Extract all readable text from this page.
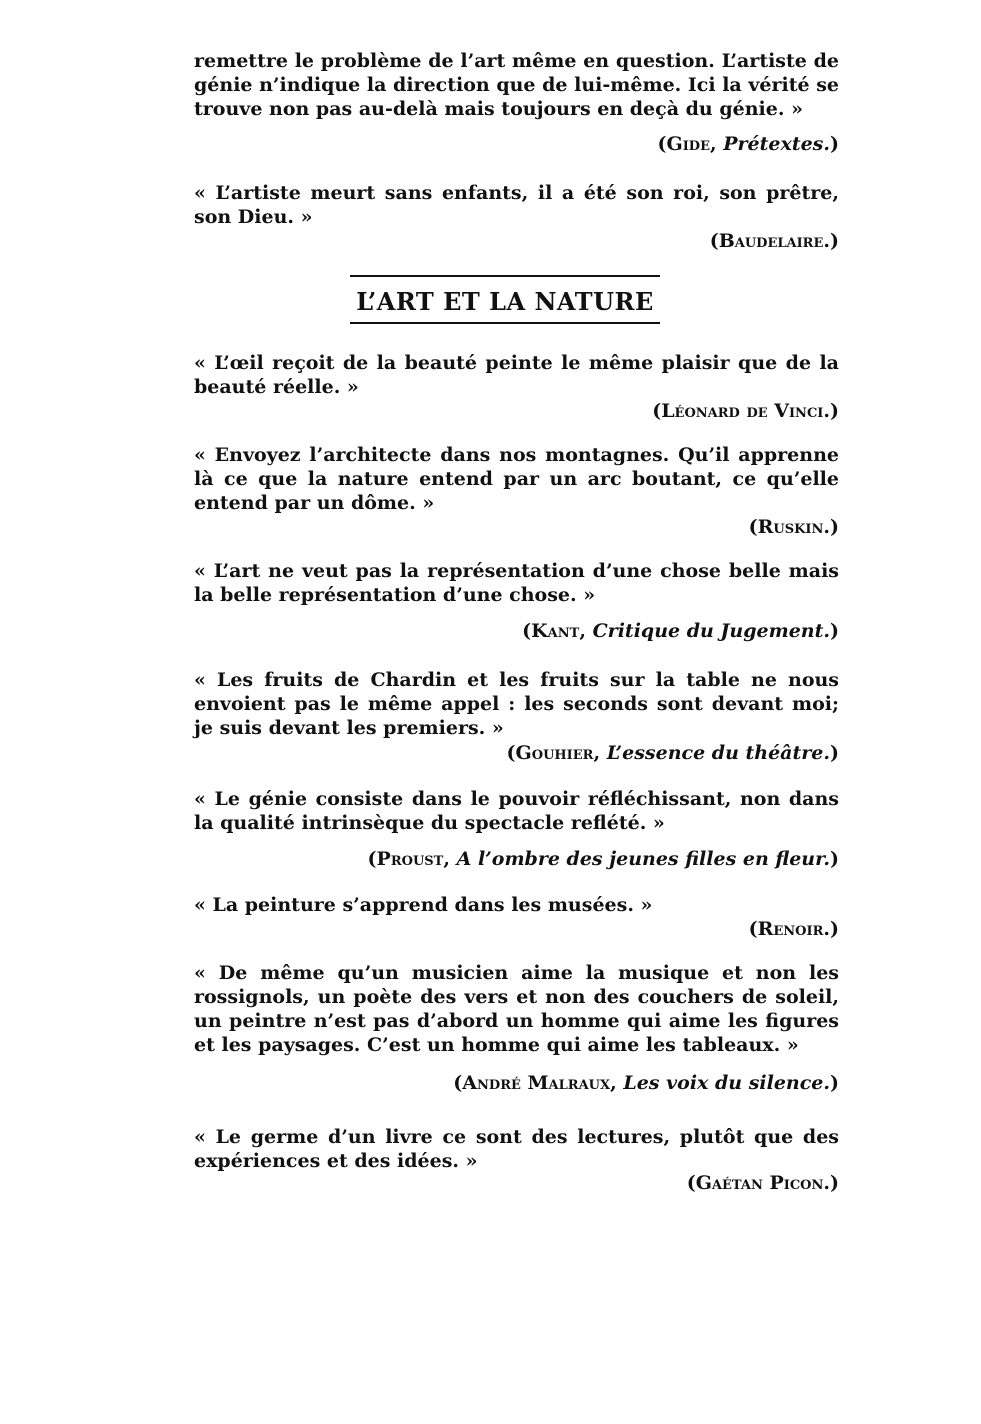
remettre le problème de l’art même en question. L’artiste de génie n’indique la direction que de lui-même. Ici la vérité se trouve non pas au-delà mais toujours en deçà du génie. »

(Gide, Prétextes.)

« L’artiste meurt sans enfants, il a été son roi, son prêtre, son Dieu. »

(Baudelaire.)

L’ART ET LA NATURE

« L’œil reçoit de la beauté peinte le même plaisir que de la beauté réelle. »

(Léonard de Vinci.)

« Envoyez l’architecte dans nos montagnes. Qu’il apprenne là ce que la nature entend par un arc boutant, ce qu’elle entend par un dôme. »

(Ruskin.)

« L’art ne veut pas la représentation d’une chose belle mais la belle représentation d’une chose. »

(Kant, Critique du Jugement.)

« Les fruits de Chardin et les fruits sur la table ne nous envoient pas le même appel : les seconds sont devant moi; je suis devant les premiers. »

(Gouhier, L’essence du théâtre.)

« Le génie consiste dans le pouvoir réfléchissant, non dans la qualité intrinsèque du spectacle reflété. »

(Proust, A l’ombre des jeunes filles en fleur.)

« La peinture s’apprend dans les musées. »

(Renoir.)

« De même qu’un musicien aime la musique et non les rossignols, un poète des vers et non des couchers de soleil, un peintre n’est pas d’abord un homme qui aime les figures et les paysages. C’est un homme qui aime les tableaux. »

(André Malraux, Les voix du silence.)

« Le germe d’un livre ce sont des lectures, plutôt que des expériences et des idées. »

(Gaétan Picon.)
